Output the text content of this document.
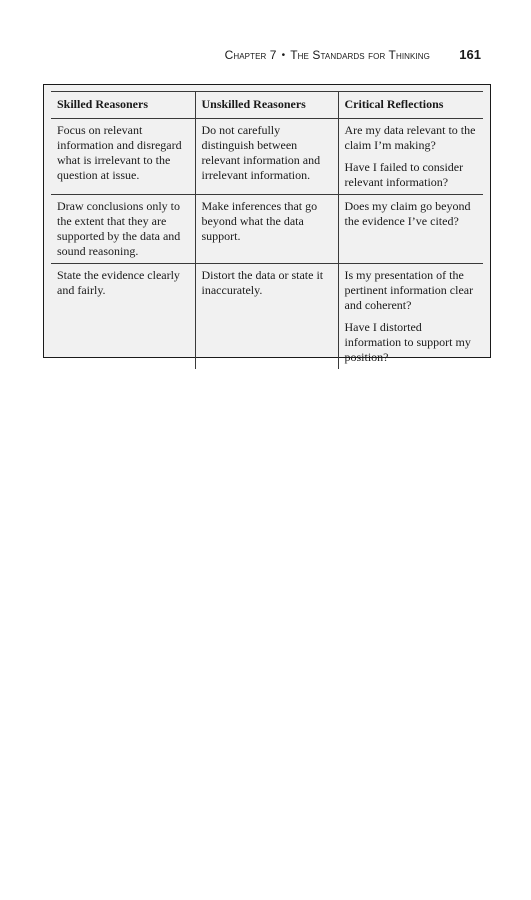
Chapter 7 • The Standards for Thinking 161
Skilled Reasoners	Unskilled Reasoners	Critical Reflections

Focus on relevant information and disregard what is irrelevant to the question at issue.	Do not carefully distinguish between relevant information and irrelevant information.	Are my data relevant to the claim I’m making?

Have I failed to consider relevant information?

Draw conclusions only to the extent that they are supported by the data and sound reasoning.	Make inferences that go beyond what the data support.	Does my claim go beyond the evidence I’ve cited?

State the evidence clearly and fairly.	Distort the data or state it inaccurately.	Is my presentation of the pertinent information clear and coherent?

Have I distorted information to support my position?
